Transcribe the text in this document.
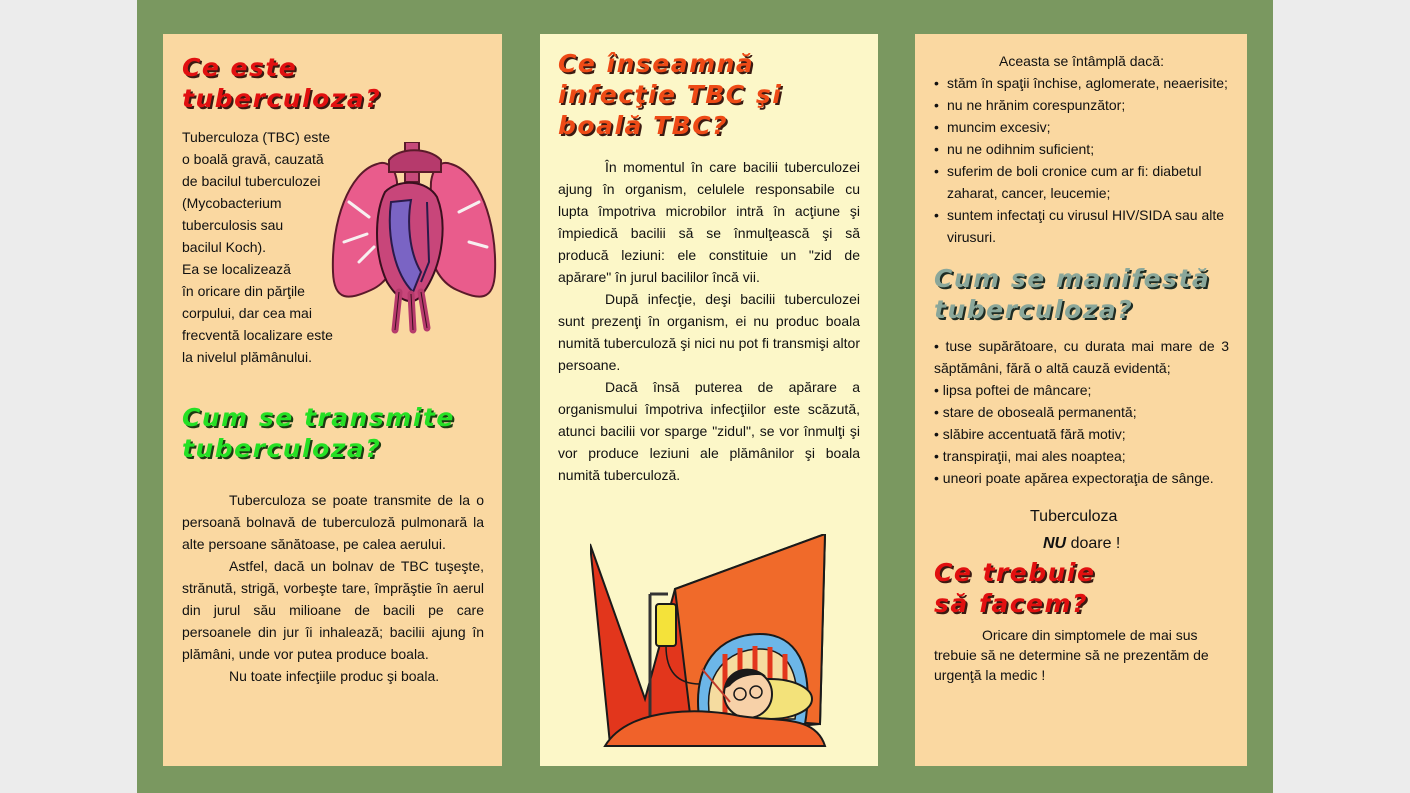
Ce este
tuberculoza?
Tuberculoza (TBC) este
o boală gravă, cauzată
de bacilul tuberculozei
(Mycobacterium
tuberculosis sau
bacilul Koch).
Ea se localizează
în oricare din părţile
corpului, dar cea mai
frecventă localizare este
la nivelul plămânului.
Cum se transmite
tuberculoza?

Tuberculoza se poate transmite de la o persoană bolnavă de tuberculoză pulmonară la alte persoane sănătoase, pe calea aerului.

Astfel, dacă un bolnav de TBC tuşeşte, strănută, strigă, vorbeşte tare, împrăştie în aerul din jurul său milioane de bacili pe care persoanele din jur îi inhalează; bacilii ajung în plămâni, unde vor putea produce boala.

Nu toate infecţiile produc şi boala.

Ce înseamnă
infecţie TBC şi
boală TBC?

În momentul în care bacilii tuberculozei ajung în organism, celulele responsabile cu lupta împotriva microbilor intră în acţiune şi împiedică bacilii să se înmulţească şi să producă leziuni: ele constituie un "zid de apărare" în jurul bacililor încă vii.

După infecţie, deşi bacilii tuberculozei sunt prezenţi în organism, ei nu produc boala numită tuberculoză şi nici nu pot fi transmişi altor persoane.

Dacă însă puterea de apărare a organismului împotriva infecţiilor este scăzută, atunci bacilii vor sparge "zidul", se vor înmulţi şi vor produce leziuni ale plămânilor şi boala numită tuberculoză.

Aceasta se întâmplă dacă:
• stăm în spaţii închise, aglomerate, neaerisite;
• nu ne hrănim corespunzător;
• muncim excesiv;
• nu ne odihnim suficient;
• suferim de boli cronice cum ar fi: diabetul zaharat, cancer, leucemie;
• suntem infectaţi cu virusul HIV/SIDA sau alte virusuri.
Cum se manifestă
tuberculoza?
• tuse supărătoare, cu durata mai mare de 3 săptămâni, fără o altă cauză evidentă;
• lipsa poftei de mâncare;
• stare de oboseală permanentă;
• slăbire accentuată fără motiv;
• transpiraţii, mai ales noaptea;
• uneori poate apărea expectoraţia de sânge.
Tuberculoza
NU doare !
Ce trebuie
să facem?

Oricare din simptomele de mai sus trebuie să ne determine să ne prezentăm de urgenţă la medic !
